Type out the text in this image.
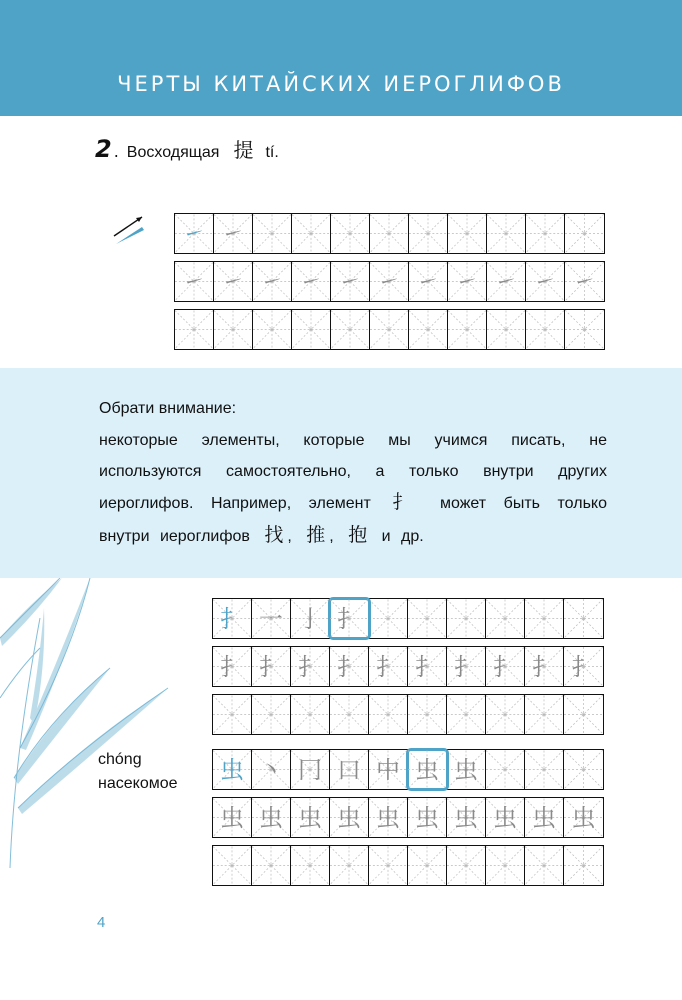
ЧЕРТЫ КИТАЙСКИХ ИЕРОГЛИФОВ
2 . Восходящая 提 tí.
㇀ ㇀
㇀ ㇀ ㇀ ㇀ ㇀ ㇀ ㇀ ㇀ ㇀ ㇀ ㇀
Обрати внимание:
некоторые элементы, которые мы учимся писать, не используются самостоятельно, а только внутри других иероглифов. Например, элемент 扌 может быть только внутри иероглифов 找 , 推 , 抱 и др.
扌 一 亅 扌
扌 扌 扌 扌 扌 扌 扌 扌 扌 扌
chóng
насекомое 虫 丶 冂 口 中 虫 虫
虫 虫 虫 虫 虫 虫 虫 虫 虫 虫
4
